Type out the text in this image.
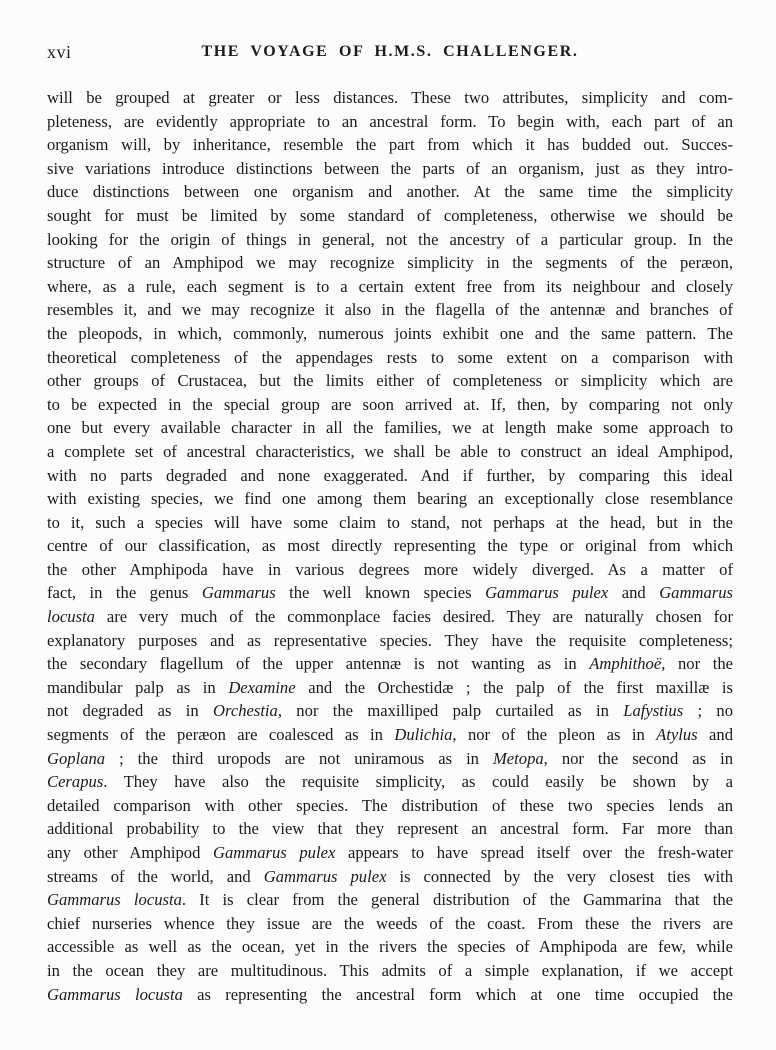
xvi	THE VOYAGE OF H.M.S. CHALLENGER.
will be grouped at greater or less distances. These two attributes, simplicity and com-
pleteness, are evidently appropriate to an ancestral form. To begin with, each part of an
organism will, by inheritance, resemble the part from which it has budded out. Succes-
sive variations introduce distinctions between the parts of an organism, just as they intro-
duce distinctions between one organism and another. At the same time the simplicity
sought for must be limited by some standard of completeness, otherwise we should be
looking for the origin of things in general, not the ancestry of a particular group. In the
structure of an Amphipod we may recognize simplicity in the segments of the peræon,
where, as a rule, each segment is to a certain extent free from its neighbour and closely
resembles it, and we may recognize it also in the flagella of the antennæ and branches of
the pleopods, in which, commonly, numerous joints exhibit one and the same pattern. The
theoretical completeness of the appendages rests to some extent on a comparison with
other groups of Crustacea, but the limits either of completeness or simplicity which are
to be expected in the special group are soon arrived at. If, then, by comparing not only
one but every available character in all the families, we at length make some approach to
a complete set of ancestral characteristics, we shall be able to construct an ideal Amphipod,
with no parts degraded and none exaggerated. And if further, by comparing this ideal
with existing species, we find one among them bearing an exceptionally close resemblance
to it, such a species will have some claim to stand, not perhaps at the head, but in the
centre of our classification, as most directly representing the type or original from which
the other Amphipoda have in various degrees more widely diverged. As a matter of
fact, in the genus Gammarus the well known species Gammarus pulex and Gammarus
locusta are very much of the commonplace facies desired. They are naturally chosen for
explanatory purposes and as representative species. They have the requisite completeness;
the secondary flagellum of the upper antennæ is not wanting as in Amphithoë, nor the
mandibular palp as in Dexamine and the Orchestidæ ; the palp of the first maxillæ is
not degraded as in Orchestia, nor the maxilliped palp curtailed as in Lafystius ; no
segments of the peræon are coalesced as in Dulichia, nor of the pleon as in Atylus and
Goplana ; the third uropods are not uniramous as in Metopa, nor the second as in
Cerapus. They have also the requisite simplicity, as could easily be shown by a
detailed comparison with other species. The distribution of these two species lends an
additional probability to the view that they represent an ancestral form. Far more than
any other Amphipod Gammarus pulex appears to have spread itself over the fresh-water
streams of the world, and Gammarus pulex is connected by the very closest ties with
Gammarus locusta. It is clear from the general distribution of the Gammarina that the
chief nurseries whence they issue are the weeds of the coast. From these the rivers are
accessible as well as the ocean, yet in the rivers the species of Amphipoda are few, while
in the ocean they are multitudinous. This admits of a simple explanation, if we accept
Gammarus locusta as representing the ancestral form which at one time occupied the
